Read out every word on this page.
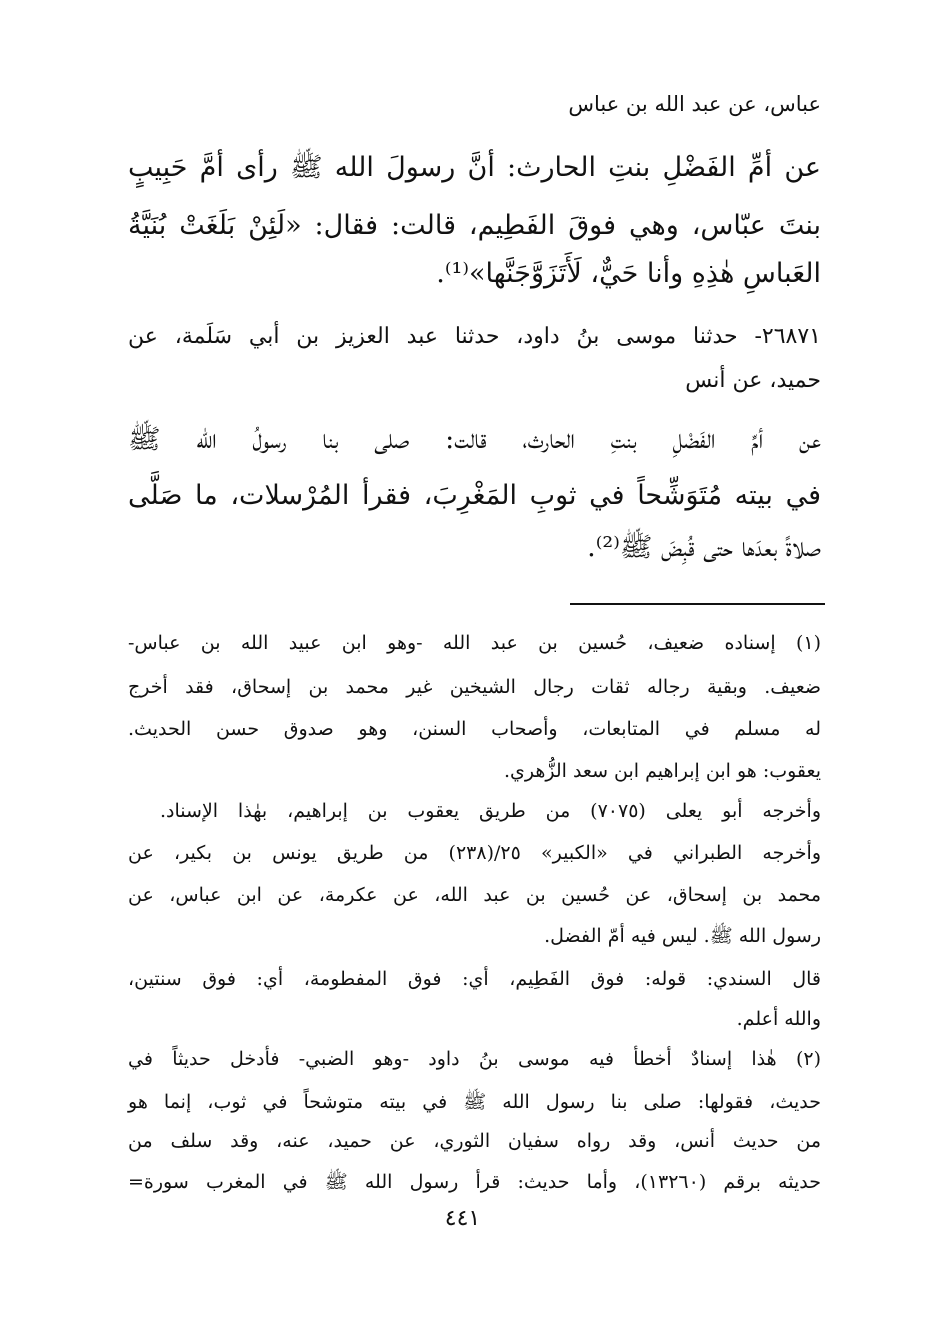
عباس، عن عبد الله بن عباس
عن أمِّ الفَضْلِ بنتِ الحارث: أنَّ رسولَ الله ﷺ رأى أمَّ حَبِيبٍ
بنتَ عبّاس، وهي فوقَ الفَطِيم، قالت: فقال: «لَئِنْ بَلَغَتْ بُنَيَّةُ
العَباسِ هٰذِهِ وأنا حَيٌّ، لَأَتَزَوَّجَنَّها»⁽¹⁾.
٢٦٨٧١- حدثنا موسى بنُ داود، حدثنا عبد العزيز بن أبي سَلَمة، عن
حميد، عن أنس
عن أمِّ الفَضْلِ بنتِ الحارث، قالت: صلى بنا رسولُ الله ﷺ
في بيته مُتَوَشِّحاً في ثوبِ المَغْرِبَ، فقرأ المُرْسلات، ما صَلَّى
صلاةً بعدَها حتى قُبِضَ ﷺ⁽²⁾.
(١) إسناده ضعيف، حُسين بن عبد الله -وهو ابن عبيد الله بن عباس-
ضعيف. وبقية رجاله ثقات رجال الشيخين غير محمد بن إسحاق، فقد أخرج
له مسلم في المتابعات، وأصحاب السنن، وهو صدوق حسن الحديث.
يعقوب: هو ابن إبراهيم ابن سعد الزُّهري.
وأخرجه أبو يعلى (٧٠٧٥) من طريق يعقوب بن إبراهيم، بهٰذا الإسناد.
وأخرجه الطبراني في «الكبير» ٢٥/(٢٣٨) من طريق يونس بن بكير، عن
محمد بن إسحاق، عن حُسين بن عبد الله، عن عكرمة، عن ابن عباس، عن
رسول الله ﷺ. ليس فيه أمّ الفضل.
قال السندي: قوله: فوق الفَطِيم، أي: فوق المفطومة، أي: فوق سنتين،
والله أعلم.
(٢) هٰذا إسنادٌ أخطأ فيه موسى بنُ داود -وهو الضبي- فأدخل حديثاً في
حديث، فقولها: صلى بنا رسول الله ﷺ في بيته متوشحاً في ثوب، إنما هو
من حديث أنس، وقد رواه سفيان الثوري، عن حميد، عنه، وقد سلف من
حديثه برقم (١٣٢٦٠)، وأما حديث: قرأ رسول الله ﷺ في المغرب سورة=
٤٤١
